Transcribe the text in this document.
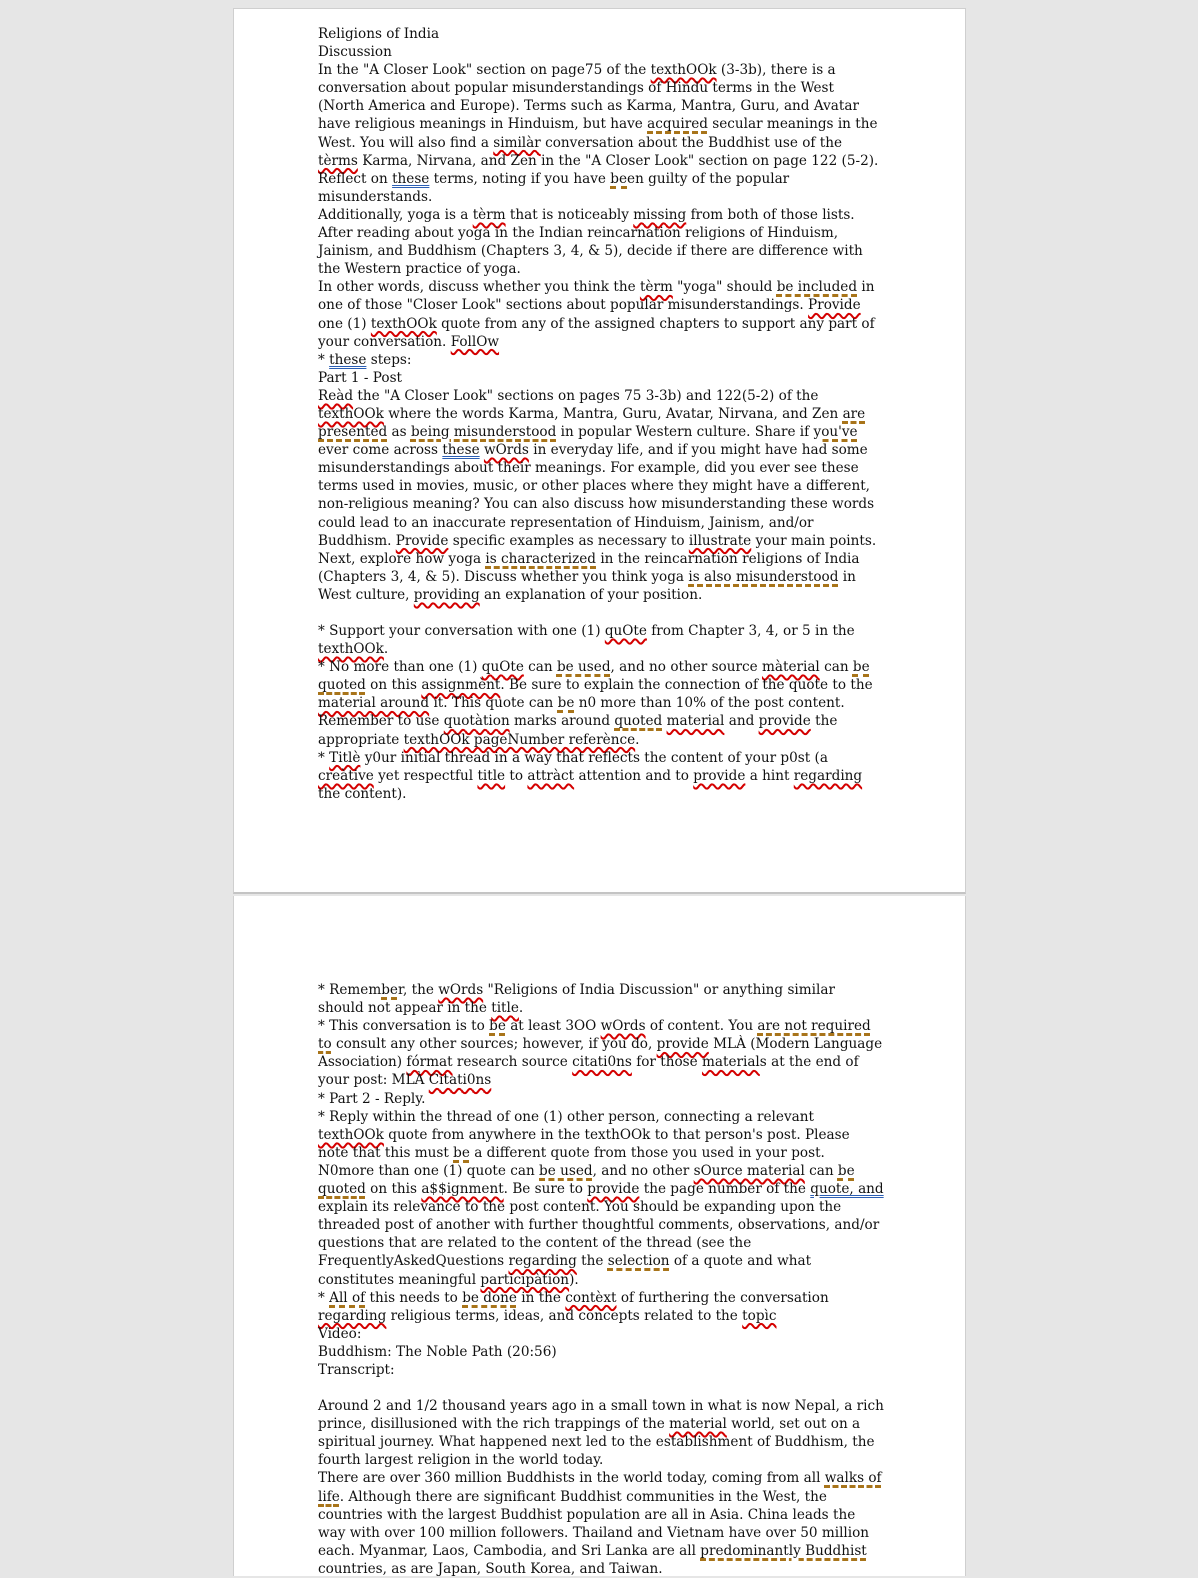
Religions of India

Discussion

In the "A Closer Look" section on page75 of the texthOOk (3-3b), there is a conversation about popular misunderstandings of Hindu terms in the West (North America and Europe). Terms such as Karma, Mantra, Guru, and Avatar have religious meanings in Hinduism, but have acquired secular meanings in the West. You will also find a similàr conversation about the Buddhist use of the tèrms Karma, Nirvana, and Zen in the "A Closer Look" section on page 122 (5-2).

Reflect on these terms, noting if you have been guilty of the popular misunderstands.

Additionally, yoga is a tèrm that is noticeably missing from both of those lists. After reading about yoga in the Indian reincarnation religions of Hinduism, Jainism, and Buddhism (Chapters 3, 4, & 5), decide if there are difference with the Western practice of yoga.

In other words, discuss whether you think the tèrm "yoga" should be included in one of those "Closer Look" sections about popular misunderstandings. Provide one (1) texthOOk quote from any of the assigned chapters to support any part of your conversation. FollOw

* these steps:

Part 1 - Post

Reàd the "A Closer Look" sections on pages 75 3-3b) and 122(5-2) of the texthOOk where the words Karma, Mantra, Guru, Avatar, Nirvana, and Zen are presented as being misunderstood in popular Western culture. Share if you've ever come across these wOrds in everyday life, and if you might have had some misunderstandings about their meanings. For example, did you ever see these terms used in movies, music, or other places where they might have a different, non-religious meaning? You can also discuss how misunderstanding these words could lead to an inaccurate representation of Hinduism, Jainism, and/or Buddhism. Provide specific examples as necessary to illustrate your main points.

Next, explore how yoga is characterized in the reincarnation religions of India (Chapters 3, 4, & 5). Discuss whether you think yoga is also misunderstood in West culture, providing an explanation of your position.

* Support your conversation with one (1) quOte from Chapter 3, 4, or 5 in the texthOOk.

* No more than one (1) quOte can be used, and no other source màterial can be quoted on this assignmènt. Be sure to explain the connection of the quote to the material around it. This quote can be n0 more than 10% of the post content. Remember to use quotàtion marks around quoted material and provide the appropriate texthOOk pageNumber referènce.

* Titlè y0ur initial thread in a way that reflects the content of your p0st (a creàtive yet respectful title to attràct attention and to provide a hint regarding the content).

* Remember, the wOrds "Religions of India Discussion" or anything similar should not appear in the title.

* This conversation is to be at least 3OO wOrds of content. You are not required to consult any other sources; however, if you do, provide MLÀ (Modern Language Association) fórmat research source citati0ns for those materials at the end of your post: MLÀ Citati0ns

* Part 2 - Reply.

* Reply within the thread of one (1) other person, connecting a relevant texthOOk quote from anywhere in the texthOOk to that person's post. Please note that this must be a different quote from those you used in your post. N0more than one (1) quote can be used, and no other sOurce material can be quoted on this a$$ignment. Be sure to provide the page number of the quote, and explain its relevance to the post content. You should be expanding upon the threaded post of another with further thoughtful comments, observations, and/or questions that are related to the content of the thread (see the FrequentlyAskedQuestions regarding the selection of a quote and what constitutes meaningful participàtion).

* All of this needs to be done in the contèxt of furthering the conversation regarding religious terms, ideas, and concepts related to the topìc

Video:

Buddhism: The Noble Path (20:56)

Transcript:

Around 2 and 1/2 thousand years ago in a small town in what is now Nepal, a rich prince, disillusioned with the rich trappings of the material world, set out on a spiritual journey. What happened next led to the establishment of Buddhism, the fourth largest religion in the world today.

There are over 360 million Buddhists in the world today, coming from all walks of life. Although there are significant Buddhist communities in the West, the countries with the largest Buddhist population are all in Asia. China leads the way with over 100 million followers. Thailand and Vietnam have over 50 million each. Myanmar, Laos, Cambodia, and Sri Lanka are all predominantly Buddhist countries, as are Japan, South Korea, and Taiwan.
